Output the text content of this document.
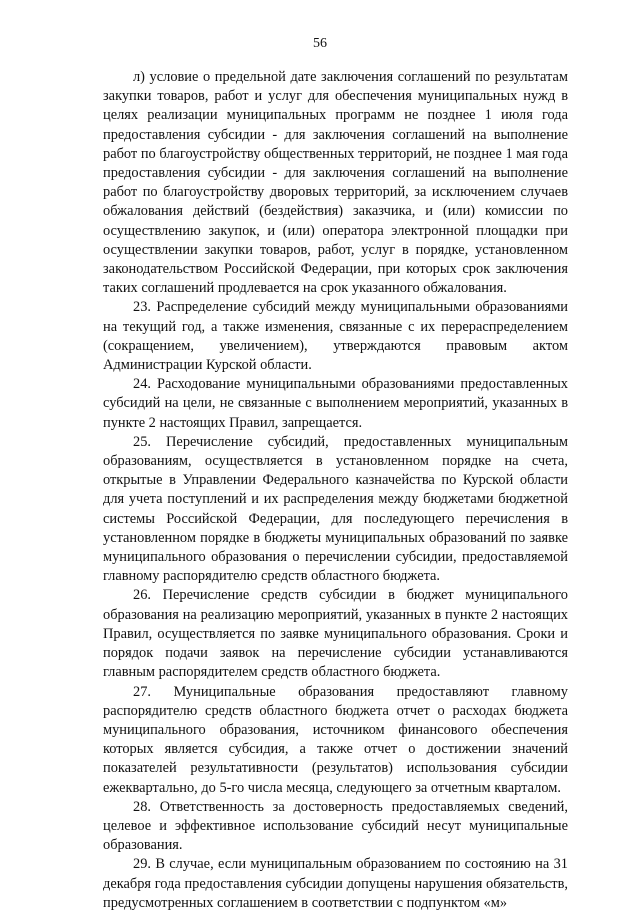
56

л) условие о предельной дате заключения соглашений по результатам закупки товаров, работ и услуг для обеспечения муниципальных нужд в целях реализации муниципальных программ не позднее 1 июля года предоставления субсидии - для заключения соглашений на выполнение работ по благоустройству общественных территорий, не позднее 1 мая года предоставления субсидии - для заключения соглашений на выполнение работ по благоустройству дворовых территорий, за исключением случаев обжалования действий (бездействия) заказчика, и (или) комиссии по осуществлению закупок, и (или) оператора электронной площадки при осуществлении закупки товаров, работ, услуг в порядке, установленном законодательством Российской Федерации, при которых срок заключения таких соглашений продлевается на срок указанного обжалования.

23. Распределение субсидий между муниципальными образованиями на текущий год, а также изменения, связанные с их перераспределением (сокращением, увеличением), утверждаются правовым актом Администрации Курской области.

24. Расходование муниципальными образованиями предоставленных субсидий на цели, не связанные с выполнением мероприятий, указанных в пункте 2 настоящих Правил, запрещается.

25. Перечисление субсидий, предоставленных муниципальным образованиям, осуществляется в установленном порядке на счета, открытые в Управлении Федерального казначейства по Курской области для учета поступлений и их распределения между бюджетами бюджетной системы Российской Федерации, для последующего перечисления в установленном порядке в бюджеты муниципальных образований по заявке муниципального образования о перечислении субсидии, предоставляемой главному распорядителю средств областного бюджета.

26. Перечисление средств субсидии в бюджет муниципального образования на реализацию мероприятий, указанных в пункте 2 настоящих Правил, осуществляется по заявке муниципального образования. Сроки и порядок подачи заявок на перечисление субсидии устанавливаются главным распорядителем средств областного бюджета.

27. Муниципальные образования предоставляют главному распорядителю средств областного бюджета отчет о расходах бюджета муниципального образования, источником финансового обеспечения которых является субсидия, а также отчет о достижении значений показателей результативности (результатов) использования субсидии ежеквартально, до 5-го числа месяца, следующего за отчетным кварталом.

28. Ответственность за достоверность предоставляемых сведений, целевое и эффективное использование субсидий несут муниципальные образования.

29. В случае, если муниципальным образованием по состоянию на 31 декабря года предоставления субсидии допущены нарушения обязательств, предусмотренных соглашением в соответствии с подпунктом «м»
